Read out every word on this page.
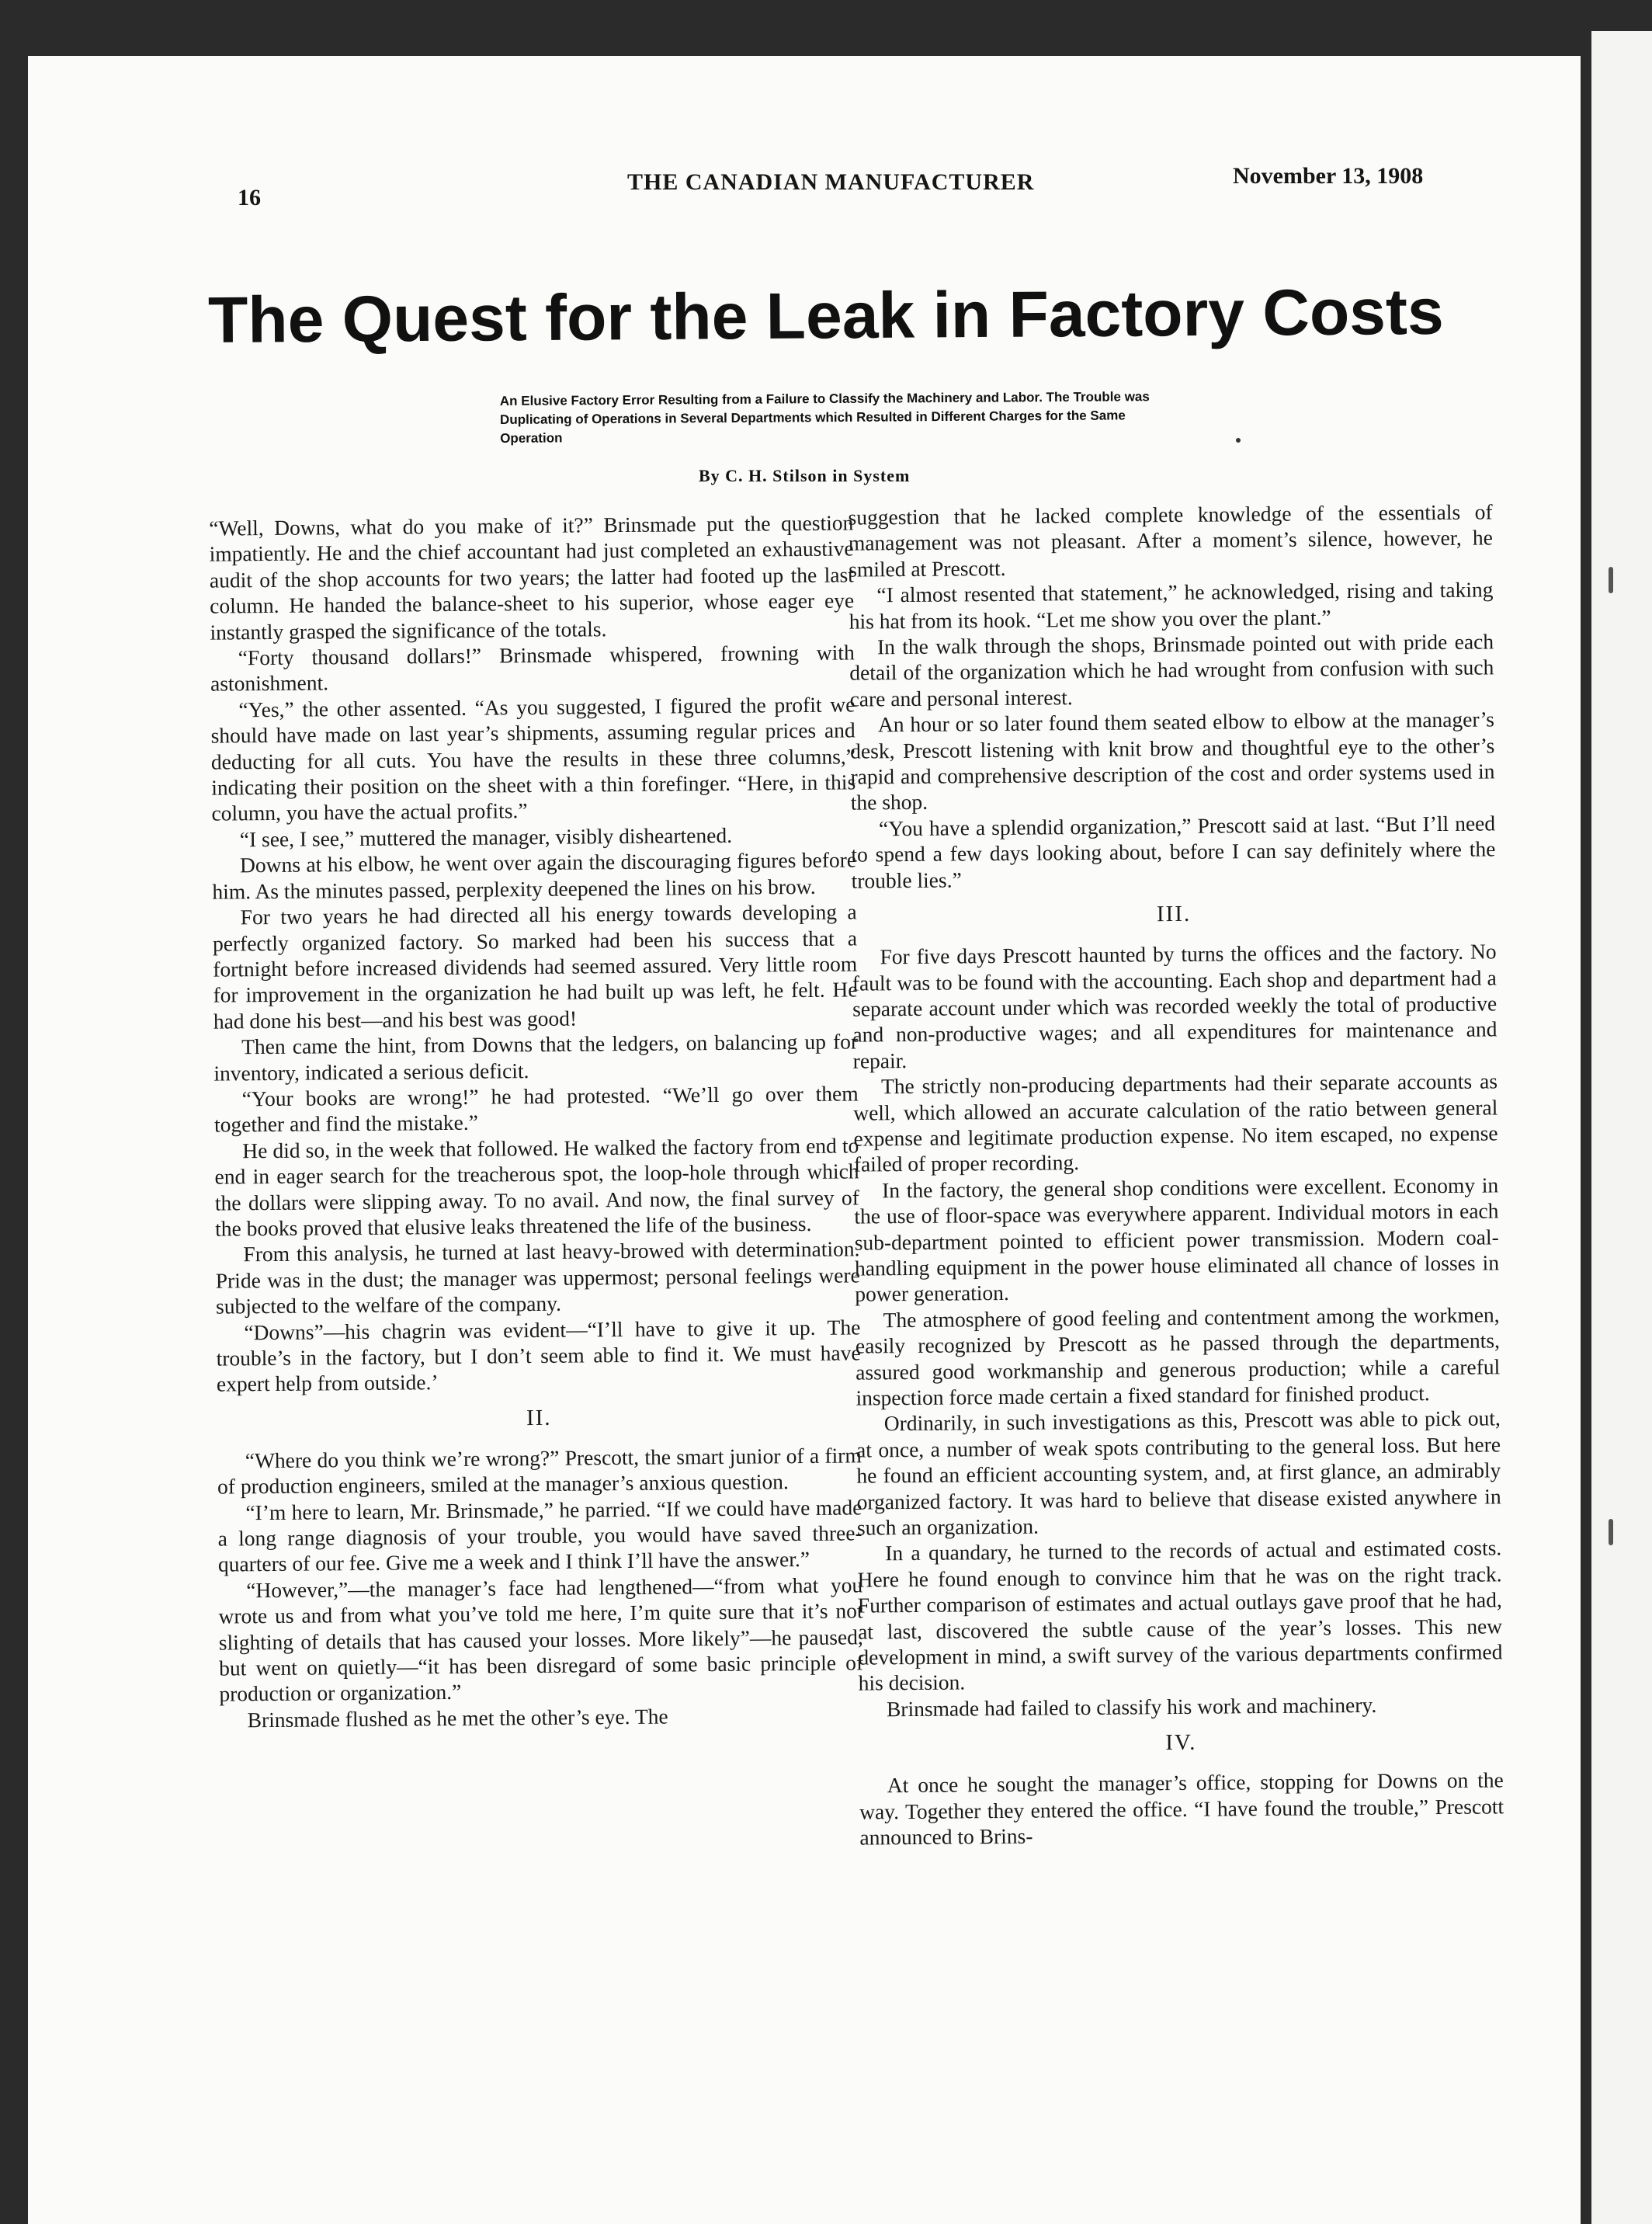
16
THE CANADIAN MANUFACTURER	November 13, 1908
The Quest for the Leak in Factory Costs

An Elusive Factory Error Resulting from a Failure to Classify the Machinery and Labor. The Trouble was Duplicating of Operations in Several Departments which Resulted in Different Charges for the Same Operation

By C. H. Stilson in System

“Well, Downs, what do you make of it?” Brinsmade put the question impatiently. He and the chief accountant had just completed an exhaustive audit of the shop accounts for two years; the latter had footed up the last column. He handed the balance-sheet to his superior, whose eager eye instantly grasped the significance of the totals.

“Forty thousand dollars!” Brinsmade whispered, frowning with astonishment.

“Yes,” the other assented. “As you suggested, I figured the profit we should have made on last year’s shipments, assuming regular prices and deducting for all cuts. You have the results in these three columns,” indicating their position on the sheet with a thin forefinger. “Here, in this column, you have the actual profits.”

“I see, I see,” muttered the manager, visibly disheartened.

Downs at his elbow, he went over again the discouraging figures before him. As the minutes passed, perplexity deepened the lines on his brow.

For two years he had directed all his energy towards developing a perfectly organized factory. So marked had been his success that a fortnight before increased dividends had seemed assured. Very little room for improvement in the organization he had built up was left, he felt. He had done his best—and his best was good!

Then came the hint, from Downs that the ledgers, on balancing up for inventory, indicated a serious deficit.

“Your books are wrong!” he had protested. “We’ll go over them together and find the mistake.”

He did so, in the week that followed. He walked the factory from end to end in eager search for the treacherous spot, the loop-hole through which the dollars were slipping away. To no avail. And now, the final survey of the books proved that elusive leaks threatened the life of the business.

From this analysis, he turned at last heavy-browed with determination. Pride was in the dust; the manager was uppermost; personal feelings were subjected to the welfare of the company.

“Downs”—his chagrin was evident—“I’ll have to give it up. The trouble’s in the factory, but I don’t seem able to find it. We must have expert help from outside.’

II.

“Where do you think we’re wrong?” Prescott, the smart junior of a firm of production engineers, smiled at the manager’s anxious question.

“I’m here to learn, Mr. Brinsmade,” he parried. “If we could have made a long range diagnosis of your trouble, you would have saved three-quarters of our fee. Give me a week and I think I’ll have the answer.”

“However,”—the manager’s face had lengthened—“from what you wrote us and from what you’ve told me here, I’m quite sure that it’s not slighting of details that has caused your losses. More likely”—he paused, but went on quietly—“it has been disregard of some basic principle of production or organization.”

Brinsmade flushed as he met the other’s eye. The

suggestion that he lacked complete knowledge of the essentials of management was not pleasant. After a moment’s silence, however, he smiled at Prescott.

“I almost resented that statement,” he acknowledged, rising and taking his hat from its hook. “Let me show you over the plant.”

In the walk through the shops, Brinsmade pointed out with pride each detail of the organization which he had wrought from confusion with such care and personal interest.

An hour or so later found them seated elbow to elbow at the manager’s desk, Prescott listening with knit brow and thoughtful eye to the other’s rapid and comprehensive description of the cost and order systems used in the shop.

“You have a splendid organization,” Prescott said at last. “But I’ll need to spend a few days looking about, before I can say definitely where the trouble lies.”

III.

For five days Prescott haunted by turns the offices and the factory. No fault was to be found with the accounting. Each shop and department had a separate account under which was recorded weekly the total of productive and non-productive wages; and all expenditures for maintenance and repair.

The strictly non-producing departments had their separate accounts as well, which allowed an accurate calculation of the ratio between general expense and legitimate production expense. No item escaped, no expense failed of proper recording.

In the factory, the general shop conditions were excellent. Economy in the use of floor-space was everywhere apparent. Individual motors in each sub-department pointed to efficient power transmission. Modern coal-handling equipment in the power house eliminated all chance of losses in power generation.

The atmosphere of good feeling and contentment among the workmen, easily recognized by Prescott as he passed through the departments, assured good workmanship and generous production; while a careful inspection force made certain a fixed standard for finished product.

Ordinarily, in such investigations as this, Prescott was able to pick out, at once, a number of weak spots contributing to the general loss. But here he found an efficient accounting system, and, at first glance, an admirably organized factory. It was hard to believe that disease existed anywhere in such an organization.

In a quandary, he turned to the records of actual and estimated costs. Here he found enough to convince him that he was on the right track. Further comparison of estimates and actual outlays gave proof that he had, at last, discovered the subtle cause of the year’s losses. This new development in mind, a swift survey of the various departments confirmed his decision.

Brinsmade had failed to classify his work and machinery.

IV.

At once he sought the manager’s office, stopping for Downs on the way. Together they entered the office. “I have found the trouble,” Prescott announced to Brins-
